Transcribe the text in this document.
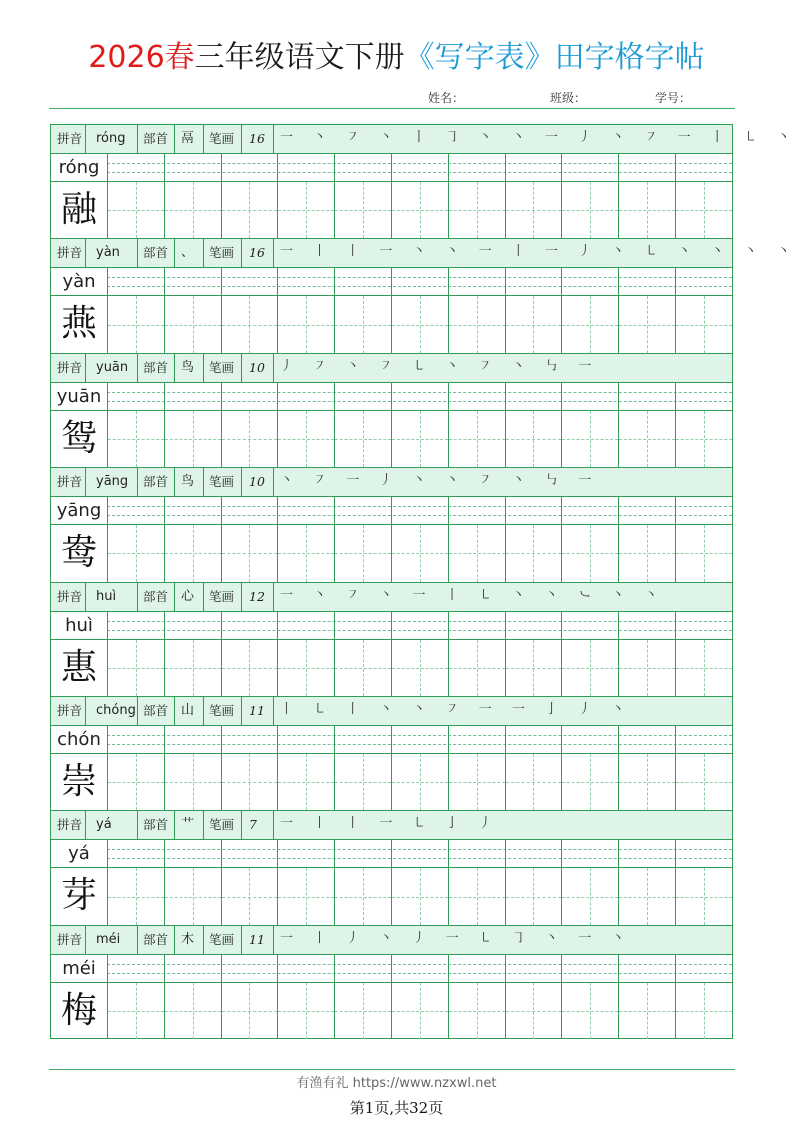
2026春三年级语文下册《写字表》田字格字帖
姓名：	班级：	学号：
拼音 róng 部首 鬲 笔画 16 一 丶 ㇇ 丶 丨 ㇆ 丶 丶 一 丿 丶 ㇇ 一 丨 ㇄ 丶
róng
融
拼音 yàn 部首 、 笔画 16 一 丨 丨 一 丶 丶 一 丨 一 丿 丶 ㇄ 丶 丶 丶 丶
yàn
燕
拼音 yuān 部首 鸟 笔画 10 丿 ㇇ 丶 ㇇ ㇄ 丶 ㇇ 丶 ㇉ 一
yuān
鸳
拼音 yāng 部首 鸟 笔画 10 丶 ㇇ 一 丿 丶 丶 ㇇ 丶 ㇉ 一
yāng
鸯
拼音 huì 部首 心 笔画 12 一 丶 ㇇ 丶 一 丨 ㇄ 丶 丶 ㇃ 丶 丶
huì
惠
拼音 chóng 部首 山 笔画 11 丨 ㇄ 丨 丶 丶 ㇇ 一 一 亅 丿 丶
chón
崇
拼音 yá	部首 艹 笔画 7 一 丨 丨 一 ㇄ 亅 丿
yá
芽
拼音 méi 部首 木 笔画 11 一 丨 丿 丶 丿 一 ㇄ ㇆ 丶 一 丶
méi
梅
有渔有礼 https://www.nzxwl.net
第1页,共32页
